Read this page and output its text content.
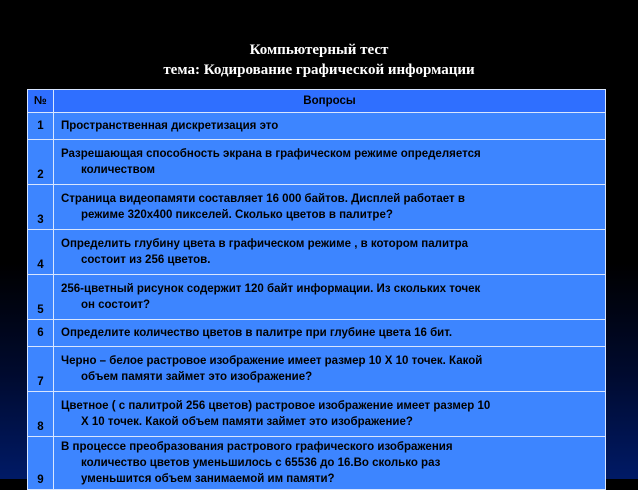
Компьютерный тест
тема: Кодирование графической информации
№	Вопросы
1	Пространственная дискретизация это

2	Разрешающая способность экрана в графическом режиме определяется
количеством

3	Страница видеопамяти составляет 16 000 байтов. Дисплей работает в
режиме 320х400 пикселей. Сколько цветов в палитре?

4	Определить глубину цвета в графическом режиме , в котором палитра
состоит из 256 цветов.

5	256-цветный рисунок содержит 120 байт информации. Из скольких точек
он состоит?

6	Определите количество цветов в палитре при глубине цвета 16 бит.

7	Черно – белое растровое изображение имеет размер 10 Х 10 точек. Какой
объем памяти займет это изображение?

8	Цветное ( с палитрой 256 цветов) растровое изображение имеет размер 10
Х 10 точек. Какой объем памяти займет это изображение?

9	В процессе преобразования растрового графического изображения
количество цветов уменьшилось с 65536 до 16.Во сколько раз
уменьшится объем занимаемой им памяти?
